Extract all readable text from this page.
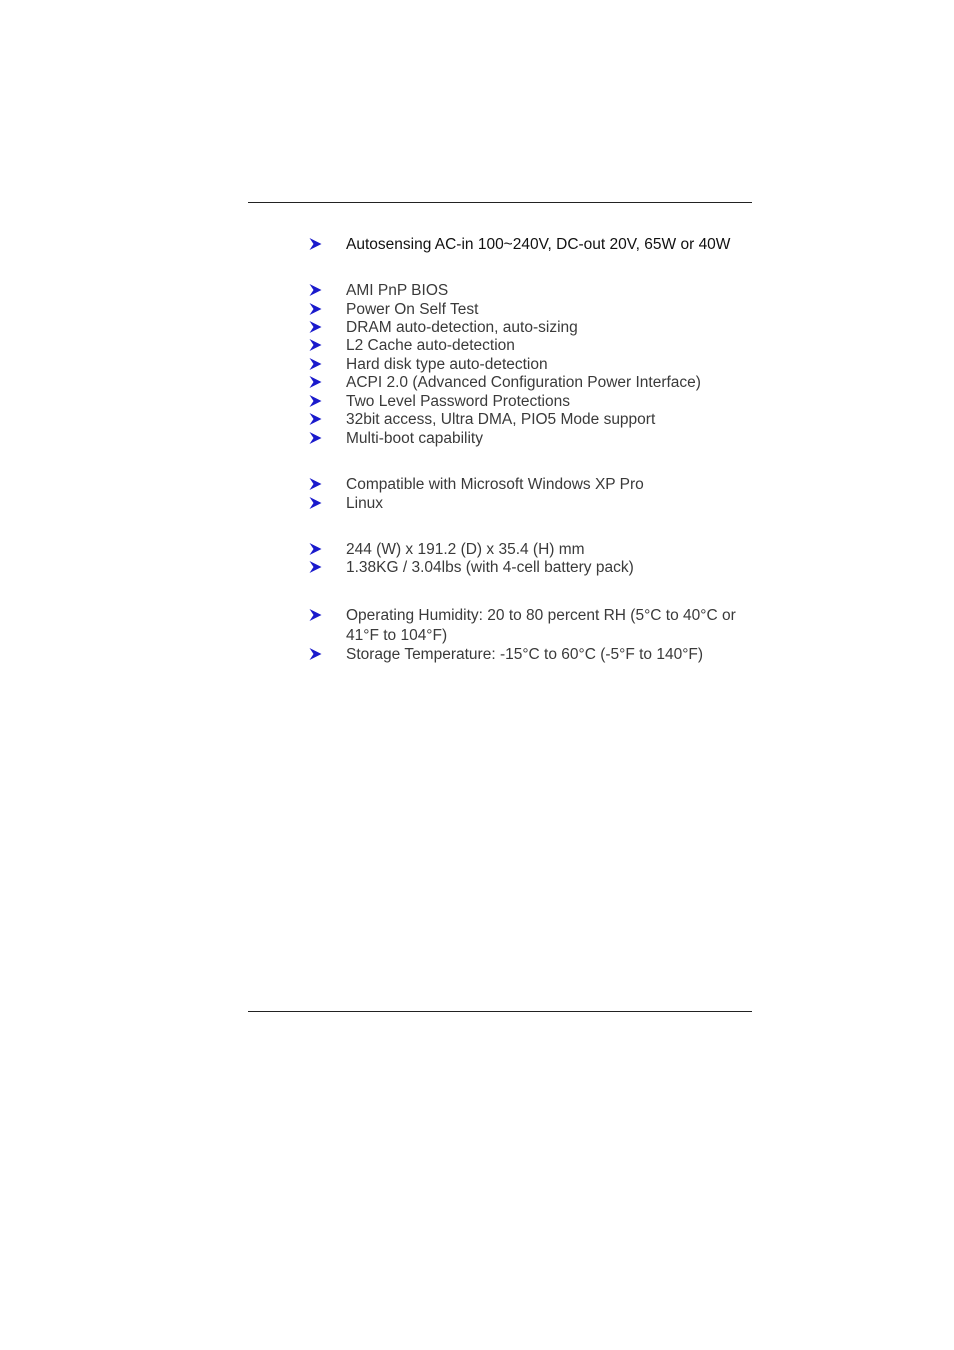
Autosensing AC-in 100~240V, DC-out 20V, 65W or 40W
AMI PnP BIOS
Power On Self Test
DRAM auto-detection, auto-sizing
L2 Cache auto-detection
Hard disk type auto-detection
ACPI 2.0 (Advanced Configuration Power Interface)
Two Level Password Protections
32bit access, Ultra DMA, PIO5 Mode support
Multi-boot capability
Compatible with Microsoft Windows XP Pro
Linux
244 (W) x 191.2 (D) x 35.4 (H) mm
1.38KG / 3.04lbs (with 4-cell battery pack)
Operating Humidity: 20 to 80 percent RH (5°C to 40°C or 41°F to 104°F)
Storage Temperature: -15°C to 60°C (-5°F to 140°F)
